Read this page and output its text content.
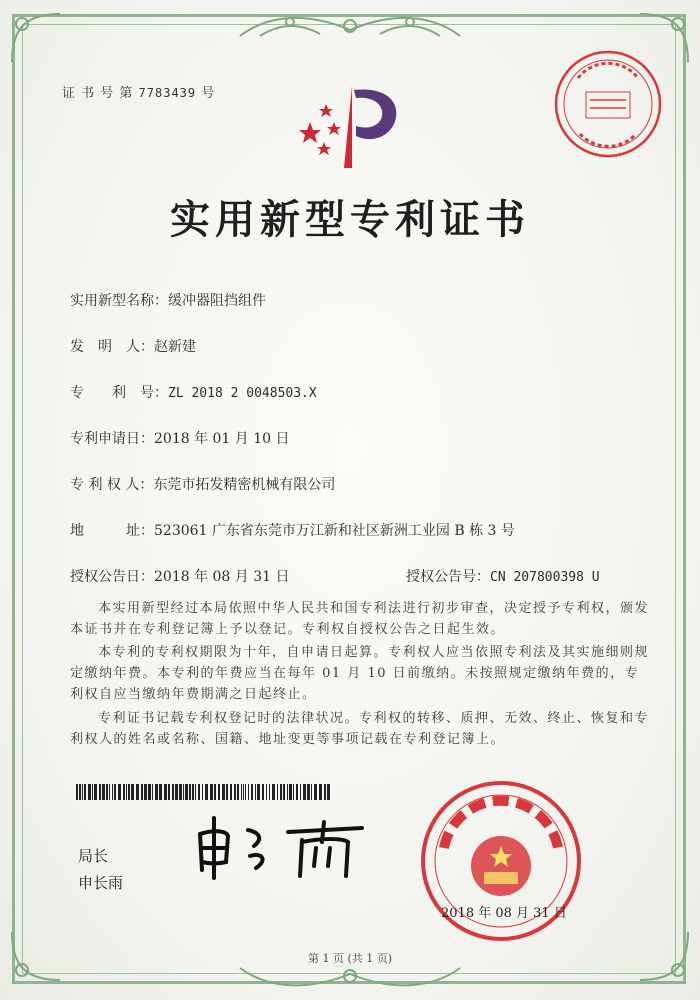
证 书 号 第 7783439 号
实用新型专利证书
实用新型名称：缓冲器阻挡组件
发　明　人：赵新建
专　　利　号：ZL 2018 2 0048503.X
专利申请日：2018 年 01 月 10 日
专 利 权 人：东莞市拓发精密机械有限公司
地　　　址：523061 广东省东莞市万江新和社区新洲工业园 B 栋 3 号
授权公告日：2018 年 08 月 31 日	授权公告号：CN 207800398 U
本实用新型经过本局依照中华人民共和国专利法进行初步审查，决定授予专利权，颁发本证书并在专利登记簿上予以登记。专利权自授权公告之日起生效。
本专利的专利权期限为十年，自申请日起算。专利权人应当依照专利法及其实施细则规定缴纳年费。本专利的年费应当在每年 01 月 10 日前缴纳。未按照规定缴纳年费的，专利权自应当缴纳年费期满之日起终止。
专利证书记载专利权登记时的法律状况。专利权的转移、质押、无效、终止、恢复和专利权人的姓名或名称、国籍、地址变更等事项记载在专利登记簿上。
局长
申长雨
2018 年 08 月 31 日
第 1 页 (共 1 页)
